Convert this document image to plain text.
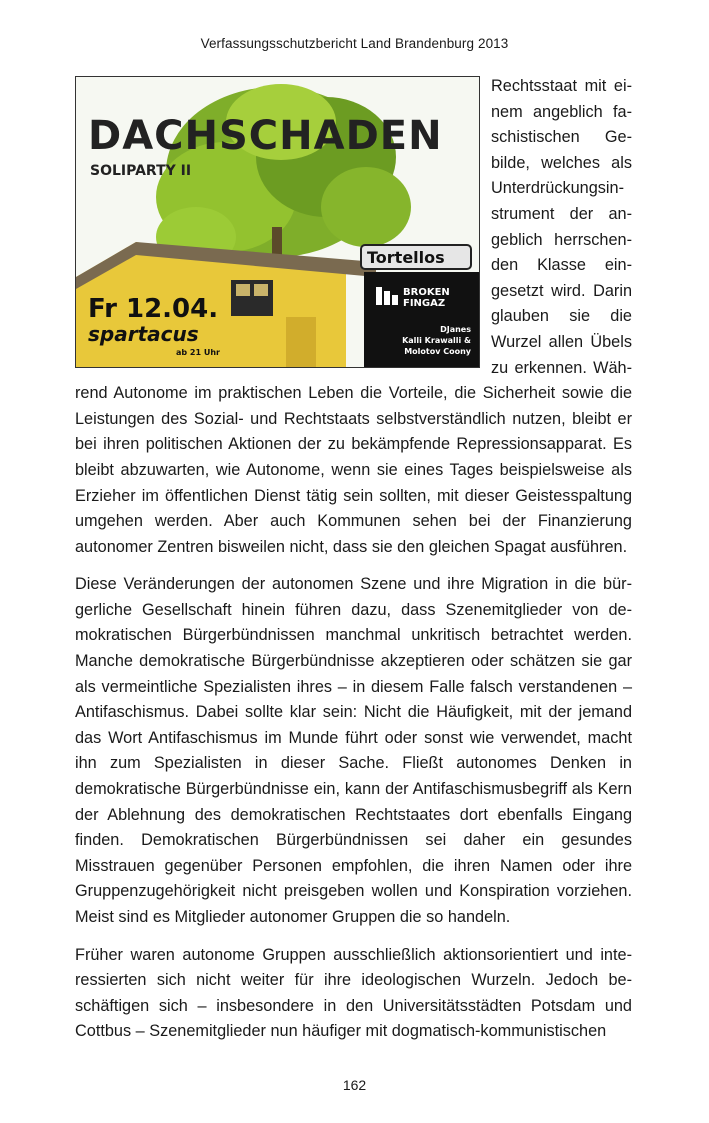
Verfassungsschutzbericht Land Brandenburg 2013
DACHSCHADEN
SOLIPARTY II
Tortellos
BROKEN
FINGAZ
DJanes
Kalli Krawalli &
Molotov Coony
Fr 12.04.
spartacus
ab 21 Uhr

Rechtsstaat mit einem angeblich faschistischen Gebilde, welches als Unterdrückungsinstrument der angeblich herrschenden Klasse eingesetzt wird. Darin glauben sie die Wurzel allen Übels zu erkennen. Während Autonome im praktischen Leben die Vorteile, die Sicherheit sowie die Leistungen des Sozial- und Rechtstaats selbstverständlich nutzen, bleibt er bei ihren politischen Aktionen der zu bekämpfende Repressionsapparat. Es bleibt abzuwarten, wie Autonome, wenn sie eines Tages beispielsweise als Erzieher im öffentlichen Dienst tätig sein sollten, mit dieser Geistesspaltung umgehen werden. Aber auch Kommunen sehen bei der Finanzierung autonomer Zentren bisweilen nicht, dass sie den gleichen Spagat ausführen.

Diese Veränderungen der autonomen Szene und ihre Migration in die bürgerliche Gesellschaft hinein führen dazu, dass Szenemitglieder von demokratischen Bürgerbündnissen manchmal unkritisch betrachtet werden. Manche demokratische Bürgerbündnisse akzeptieren oder schätzen sie gar als vermeintliche Spezialisten ihres – in diesem Falle falsch verstandenen – Antifaschismus. Dabei sollte klar sein: Nicht die Häufigkeit, mit der jemand das Wort Antifaschismus im Munde führt oder sonst wie verwendet, macht ihn zum Spezialisten in dieser Sache. Fließt autonomes Denken in demokratische Bürgerbündnisse ein, kann der Antifaschismusbegriff als Kern der Ablehnung des demokratischen Rechtstaates dort ebenfalls Eingang finden. Demokratischen Bürgerbündnissen sei daher ein gesundes Misstrauen gegenüber Personen empfohlen, die ihren Namen oder ihre Gruppenzugehörigkeit nicht preisgeben wollen und Konspiration vorziehen. Meist sind es Mitglieder autonomer Gruppen die so handeln.

Früher waren autonome Gruppen ausschließlich aktionsorientiert und interessierten sich nicht weiter für ihre ideologischen Wurzeln. Jedoch beschäftigen sich – insbesondere in den Universitätsstädten Potsdam und Cottbus – Szenemitglieder nun häufiger mit dogmatisch-kommunistischen

162
